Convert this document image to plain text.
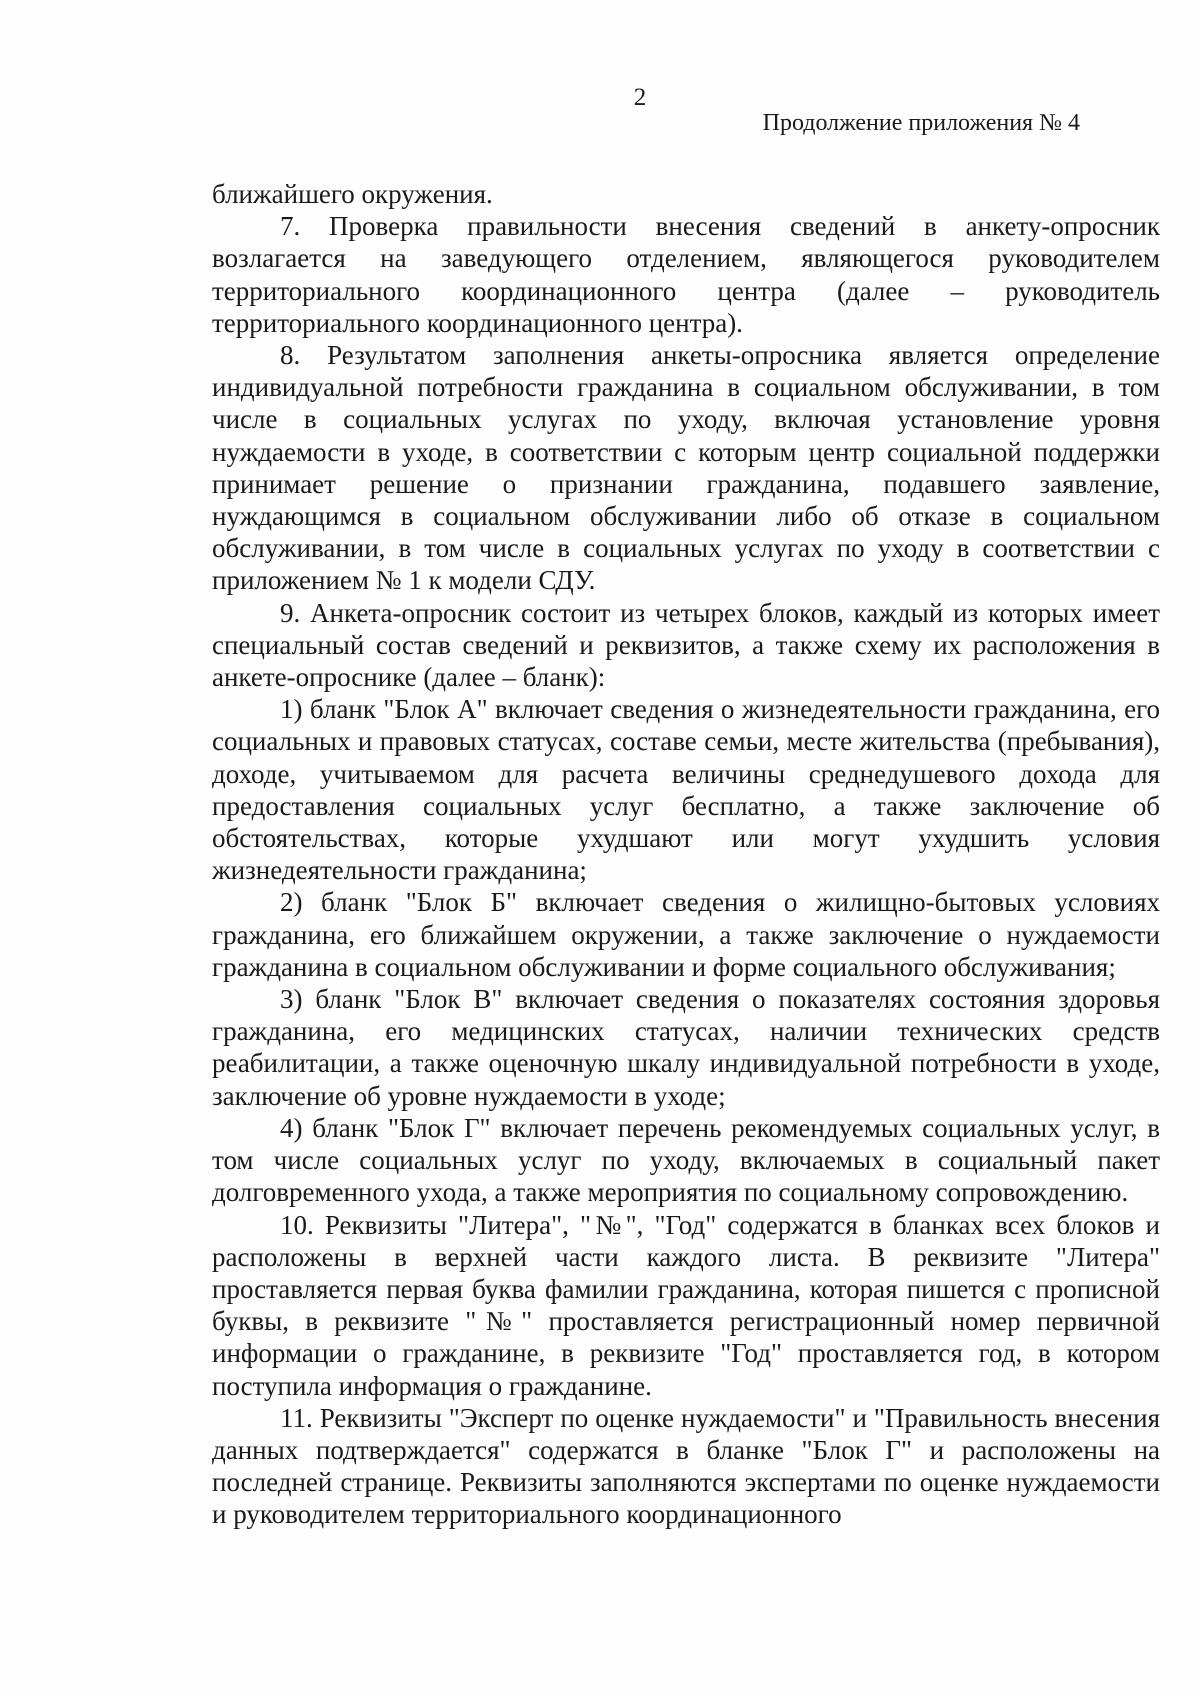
2
Продолжение приложения № 4

ближайшего окружения.

7. Проверка правильности внесения сведений в анкету-опросник возлагается на заведующего отделением, являющегося руководителем территориального координационного центра (далее – руководитель территориального координационного центра).

8. Результатом заполнения анкеты-опросника является определение индивидуальной потребности гражданина в социальном обслуживании, в том числе в социальных услугах по уходу, включая установление уровня нуждаемости в уходе, в соответствии с которым центр социальной поддержки принимает решение о признании гражданина, подавшего заявление, нуждающимся в социальном обслуживании либо об отказе в социальном обслуживании, в том числе в социальных услугах по уходу в соответствии с приложением № 1 к модели СДУ.

9. Анкета-опросник состоит из четырех блоков, каждый из которых имеет специальный состав сведений и реквизитов, а также схему их расположения в анкете-опроснике (далее – бланк):

1) бланк "Блок А" включает сведения о жизнедеятельности гражданина, его социальных и правовых статусах, составе семьи, месте жительства (пребывания), доходе, учитываемом для расчета величины среднедушевого дохода для предоставления социальных услуг бесплатно, а также заключение об обстоятельствах, которые ухудшают или могут ухудшить условия жизнедеятельности гражданина;

2) бланк "Блок Б" включает сведения о жилищно-бытовых условиях гражданина, его ближайшем окружении, а также заключение о нуждаемости гражданина в социальном обслуживании и форме социального обслуживания;

3) бланк "Блок В" включает сведения о показателях состояния здоровья гражданина, его медицинских статусах, наличии технических средств реабилитации, а также оценочную шкалу индивидуальной потребности в уходе, заключение об уровне нуждаемости в уходе;

4) бланк "Блок Г" включает перечень рекомендуемых социальных услуг, в том числе социальных услуг по уходу, включаемых в социальный пакет долговременного ухода, а также мероприятия по социальному сопровождению.

10. Реквизиты "Литера", "№", "Год" содержатся в бланках всех блоков и расположены в верхней части каждого листа. В реквизите "Литера" проставляется первая буква фамилии гражданина, которая пишется с прописной буквы, в реквизите "№" проставляется регистрационный номер первичной информации о гражданине, в реквизите "Год" проставляется год, в котором поступила информация о гражданине.

11. Реквизиты "Эксперт по оценке нуждаемости" и "Правильность внесения данных подтверждается" содержатся в бланке "Блок Г" и расположены на последней странице. Реквизиты заполняются экспертами по оценке нуждаемости и руководителем территориального координационного
